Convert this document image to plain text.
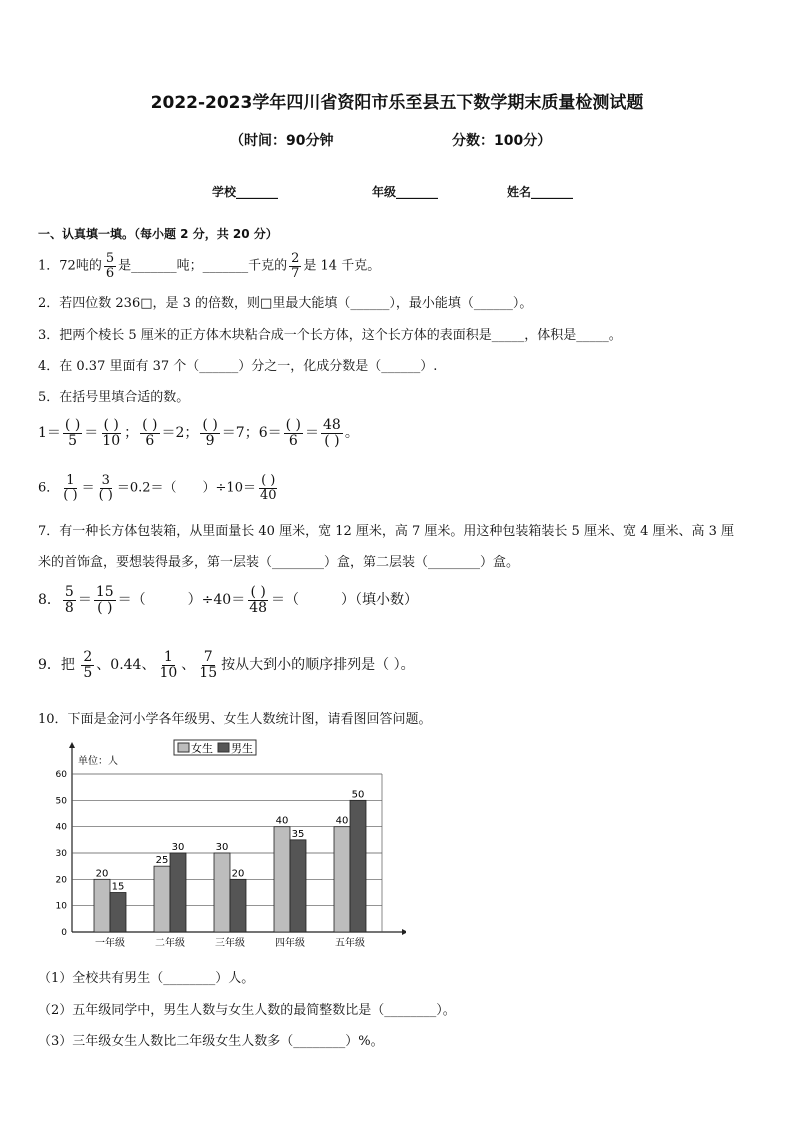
2022-2023学年四川省资阳市乐至县五下数学期末质量检测试题
（时间：90分钟	分数：100分）
学校_______	年级_______	姓名_______
一、认真填一填。（每小题 2 分，共 20 分）
1．72吨的 $\frac{5}{6}$ 是_______吨；_______千克的 $\frac{2}{7}$ 是 14 千克。
2．若四位数 236□，是 3 的倍数，则□里最大能填（______），最小能填（______）。
3．把两个棱长 5 厘米的正方体木块粘合成一个长方体，这个长方体的表面积是_____，体积是_____。
4．在 0.37 里面有 37 个（______）分之一，化成分数是（______）.
5．在括号里填合适的数。
$1= \frac{( )}{5} = \frac{( )}{10}$ ； $\frac{( )}{6} =2$； $\frac{( )}{9} =7$；$6= \frac{( )}{6} = \frac{48}{( )}$ 。
6． $\frac{1}{( )} = \frac{3}{( )} =0.2=$（　　）$\div 10= \frac{( )}{40}$
7．有一种长方体包装箱，从里面量长 40 厘米，宽 12 厘米，高 7 厘米。用这种包装箱装长 5 厘米、宽 4 厘米、高 3 厘
米的首饰盒，要想装得最多，第一层装（________）盒，第二层装（________）盒。
8． $\frac{5}{8} = \frac{15}{( )}$ ＝（　　　）$\div 40= \frac{( )}{48}$ ＝（　　　）（填小数）
9．把 $\frac{2}{5}$ 、0.44、 $\frac{1}{10}$ 、 $\frac{7}{15}$ 按从大到小的顺序排列是（ ）。
10．下面是金河小学各年级男、女生人数统计图，请看图回答问题。
女生 男生
单位：人
0
10
20
30
40
50
60
20
15
一年级
25
30
二年级
30
20
三年级
40
35
四年级
40
50
五年级
（1）全校共有男生（________）人。
（2）五年级同学中，男生人数与女生人数的最简整数比是（________）。
（3）三年级女生人数比二年级女生人数多（________）%。
